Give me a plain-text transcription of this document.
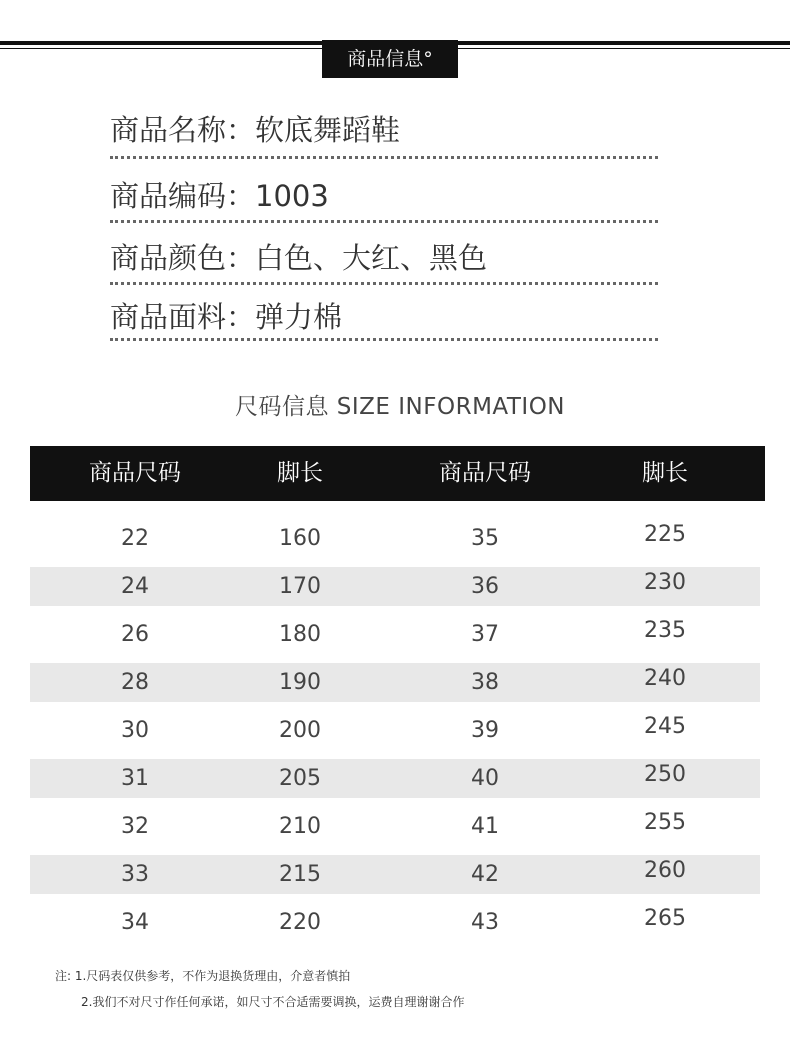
商品信息°
商品名称：软底舞蹈鞋
商品编码：1003
商品颜色：白色、大红、黑色
商品面料：弹力棉
尺码信息 SIZE INFORMATION
商品尺码	脚长	商品尺码	脚长
22	160	35	225
24	170	36	230
26	180	37	235
28	190	38	240
30	200	39	245
31	205	40	250
32	210	41	255
33	215	42	260
34	220	43	265
注: 1.尺码表仅供参考，不作为退换货理由，介意者慎拍
2.我们不对尺寸作任何承诺，如尺寸不合适需要调换，运费自理谢谢合作
